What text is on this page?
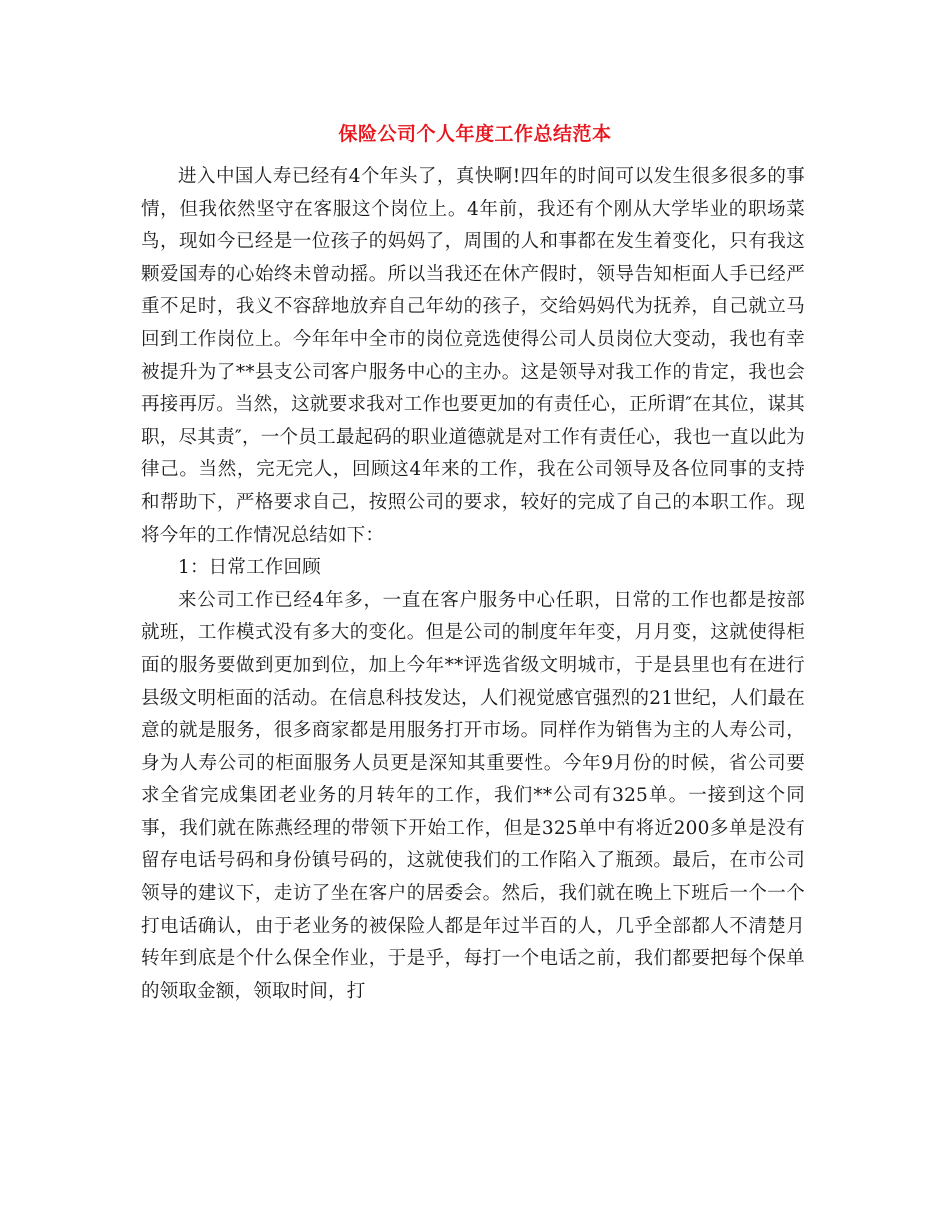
保险公司个人年度工作总结范本

进入中国人寿已经有4个年头了，真快啊!四年的时间可以发生很多很多的事情，但我依然坚守在客服这个岗位上。4年前，我还有个刚从大学毕业的职场菜鸟，现如今已经是一位孩子的妈妈了，周围的人和事都在发生着变化，只有我这颗爱国寿的心始终未曾动摇。所以当我还在休产假时，领导告知柜面人手已经严重不足时，我义不容辞地放弃自己年幼的孩子，交给妈妈代为抚养，自己就立马回到工作岗位上。今年年中全市的岗位竞选使得公司人员岗位大变动，我也有幸被提升为了**县支公司客户服务中心的主办。这是领导对我工作的肯定，我也会再接再厉。当然，这就要求我对工作也要更加的有责任心，正所谓″在其位，谋其职，尽其责″，一个员工最起码的职业道德就是对工作有责任心，我也一直以此为律己。当然，完无完人，回顾这4年来的工作，我在公司领导及各位同事的支持和帮助下，严格要求自己，按照公司的要求，较好的完成了自己的本职工作。现将今年的工作情况总结如下：

1：日常工作回顾

来公司工作已经4年多，一直在客户服务中心任职，日常的工作也都是按部就班，工作模式没有多大的变化。但是公司的制度年年变，月月变，这就使得柜面的服务要做到更加到位，加上今年**评选省级文明城市，于是县里也有在进行县级文明柜面的活动。在信息科技发达，人们视觉感官强烈的21世纪，人们最在意的就是服务，很多商家都是用服务打开市场。同样作为销售为主的人寿公司，身为人寿公司的柜面服务人员更是深知其重要性。今年9月份的时候，省公司要求全省完成集团老业务的月转年的工作，我们**公司有325单。一接到这个同事，我们就在陈燕经理的带领下开始工作，但是325单中有将近200多单是没有留存电话号码和身份镇号码的，这就使我们的工作陷入了瓶颈。最后，在市公司领导的建议下，走访了坐在客户的居委会。然后，我们就在晚上下班后一个一个打电话确认，由于老业务的被保险人都是年过半百的人，几乎全部都人不清楚月转年到底是个什么保全作业，于是乎，每打一个电话之前，我们都要把每个保单的领取金额，领取时间，打
